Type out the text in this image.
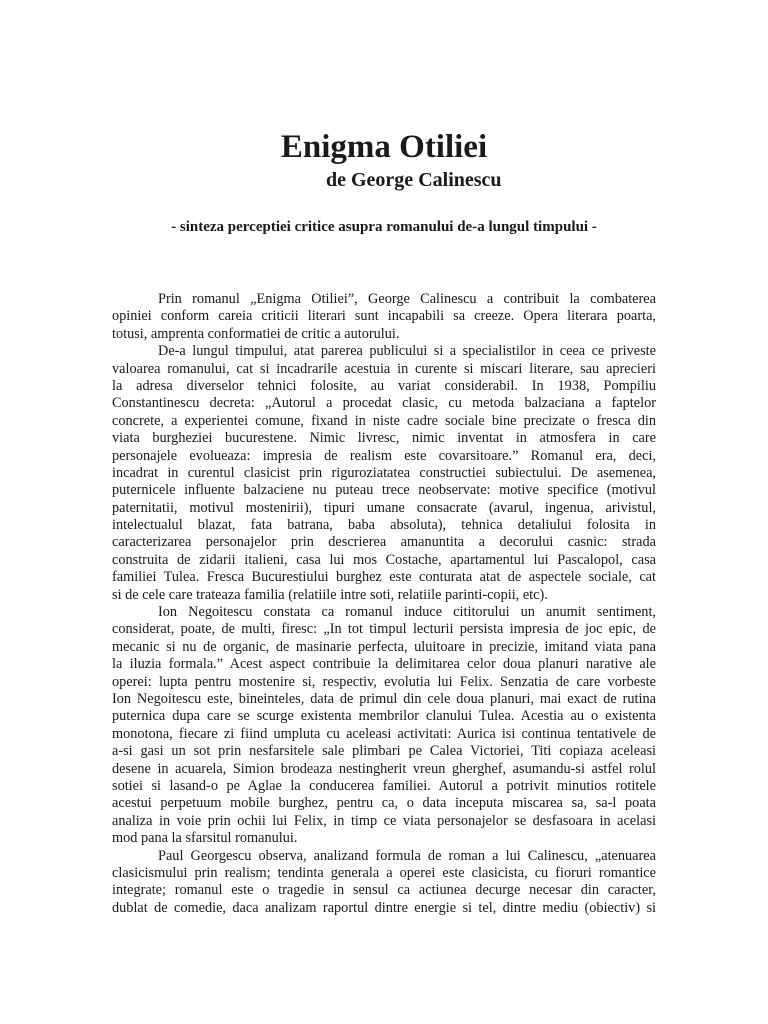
Enigma Otiliei
de George Calinescu
- sinteza perceptiei critice asupra romanului de-a lungul timpului -
Prin romanul „Enigma Otiliei”, George Calinescu a contribuit la combaterea
opiniei conform careia criticii literari sunt incapabili sa creeze. Opera literara poarta,
totusi, amprenta conformatiei de critic a autorului.
De-a lungul timpului, atat parerea publicului si a specialistilor in ceea ce priveste
valoarea romanului, cat si incadrarile acestuia in curente si miscari literare, sau aprecieri
la adresa diverselor tehnici folosite, au variat considerabil. In 1938, Pompiliu
Constantinescu decreta: „Autorul a procedat clasic, cu metoda balzaciana a faptelor
concrete, a experientei comune, fixand in niste cadre sociale bine precizate o fresca din
viata burgheziei bucurestene. Nimic livresc, nimic inventat in atmosfera in care
personajele evolueaza: impresia de realism este covarsitoare.” Romanul era, deci,
incadrat in curentul clasicist prin riguroziatatea constructiei subiectului. De asemenea,
puternicele influente balzaciene nu puteau trece neobservate: motive specifice (motivul
paternitatii, motivul mostenirii), tipuri umane consacrate (avarul, ingenua, arivistul,
intelectualul blazat, fata batrana, baba absoluta), tehnica detaliului folosita in
caracterizarea personajelor prin descrierea amanuntita a decorului casnic: strada
construita de zidarii italieni, casa lui mos Costache, apartamentul lui Pascalopol, casa
familiei Tulea. Fresca Bucurestiului burghez este conturata atat de aspectele sociale, cat
si de cele care trateaza familia (relatiile intre soti, relatiile parinti-copii, etc).
Ion Negoitescu constata ca romanul induce cititorului un anumit sentiment,
considerat, poate, de multi, firesc: „In tot timpul lecturii persista impresia de joc epic, de
mecanic si nu de organic, de masinarie perfecta, uluitoare in precizie, imitand viata pana
la iluzia formala.” Acest aspect contribuie la delimitarea celor doua planuri narative ale
operei: lupta pentru mostenire si, respectiv, evolutia lui Felix. Senzatia de care vorbeste
Ion Negoitescu este, bineinteles, data de primul din cele doua planuri, mai exact de rutina
puternica dupa care se scurge existenta membrilor clanului Tulea. Acestia au o existenta
monotona, fiecare zi fiind umpluta cu aceleasi activitati: Aurica isi continua tentativele de
a-si gasi un sot prin nesfarsitele sale plimbari pe Calea Victoriei, Titi copiaza aceleasi
desene in acuarela, Simion brodeaza nestingherit vreun gherghef, asumandu-si astfel rolul
sotiei si lasand-o pe Aglae la conducerea familiei. Autorul a potrivit minutios rotitele
acestui perpetuum mobile burghez, pentru ca, o data inceputa miscarea sa, sa-l poata
analiza in voie prin ochii lui Felix, in timp ce viata personajelor se desfasoara in acelasi
mod pana la sfarsitul romanului.
Paul Georgescu observa, analizand formula de roman a lui Calinescu, „atenuarea
clasicismului prin realism; tendinta generala a operei este clasicista, cu fioruri romantice
integrate; romanul este o tragedie in sensul ca actiunea decurge necesar din caracter,
dublat de comedie, daca analizam raportul dintre energie si tel, dintre mediu (obiectiv) si
